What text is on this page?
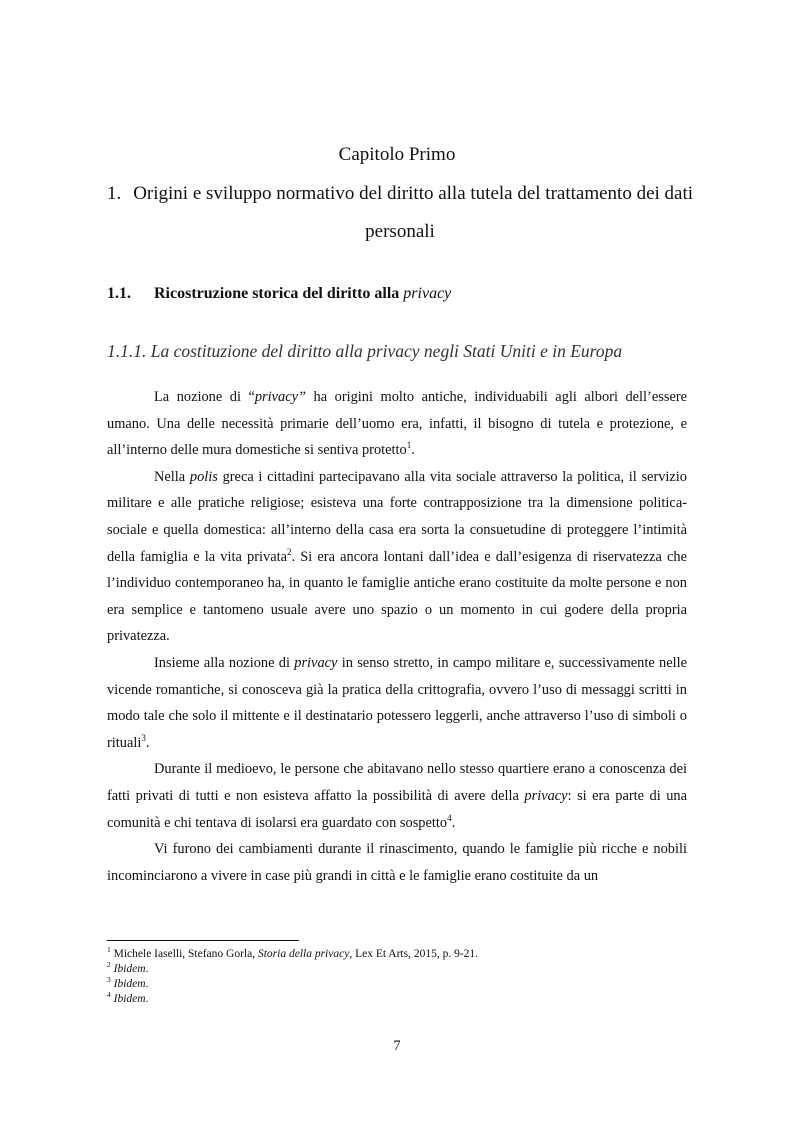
Capitolo Primo
1. Origini e sviluppo normativo del diritto alla tutela del trattamento dei dati personali
1.1. Ricostruzione storica del diritto alla privacy
1.1.1. La costituzione del diritto alla privacy negli Stati Uniti e in Europa

La nozione di “privacy” ha origini molto antiche, individuabili agli albori dell’essere umano. Una delle necessità primarie dell’uomo era, infatti, il bisogno di tutela e protezione, e all’interno delle mura domestiche si sentiva protetto$^1$.

Nella polis greca i cittadini partecipavano alla vita sociale attraverso la politica, il servizio militare e alle pratiche religiose; esisteva una forte contrapposizione tra la dimensione politica-sociale e quella domestica: all’interno della casa era sorta la consuetudine di proteggere l’intimità della famiglia e la vita privata$^2$. Si era ancora lontani dall’idea e dall’esigenza di riservatezza che l’individuo contemporaneo ha, in quanto le famiglie antiche erano costituite da molte persone e non era semplice e tantomeno usuale avere uno spazio o un momento in cui godere della propria privatezza.

Insieme alla nozione di privacy in senso stretto, in campo militare e, successivamente nelle vicende romantiche, si conosceva già la pratica della crittografia, ovvero l’uso di messaggi scritti in modo tale che solo il mittente e il destinatario potessero leggerli, anche attraverso l’uso di simboli o rituali$^3$.

Durante il medioevo, le persone che abitavano nello stesso quartiere erano a conoscenza dei fatti privati di tutti e non esisteva affatto la possibilità di avere della privacy: si era parte di una comunità e chi tentava di isolarsi era guardato con sospetto$^4$.

Vi furono dei cambiamenti durante il rinascimento, quando le famiglie più ricche e nobili incominciarono a vivere in case più grandi in città e le famiglie erano costituite da un

$^1$ Michele Iaselli, Stefano Gorla, Storia della privacy, Lex Et Arts, 2015, p. 9-21.
$^2$ Ibidem.
$^3$ Ibidem.
$^4$ Ibidem.
7
